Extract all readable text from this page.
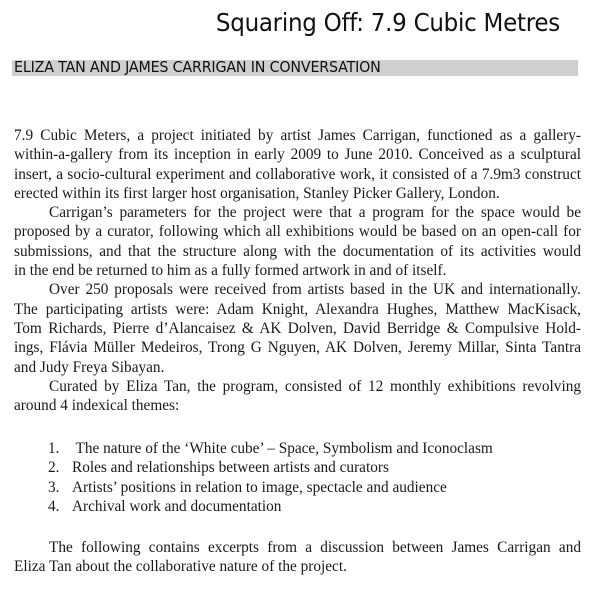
Squaring Off: 7.9 Cubic Metres
ELIZA TAN AND JAMES CARRIGAN IN CONVERSATION

7.9 Cubic Meters, a project initiated by artist James Carrigan, functioned as a gallery-
within-a-gallery from its inception in early 2009 to June 2010. Conceived as a sculptural
insert, a socio-cultural experiment and collaborative work, it consisted of a 7.9m3 construct
erected within its first larger host organisation, Stanley Picker Gallery, London.

Carrigan’s parameters for the project were that a program for the space would be
proposed by a curator, following which all exhibitions would be based on an open-call for
submissions, and that the structure along with the documentation of its activities would
in the end be returned to him as a fully formed artwork in and of itself.

Over 250 proposals were received from artists based in the UK and internationally.
The participating artists were: Adam Knight, Alexandra Hughes, Matthew MacKisack,
Tom Richards, Pierre d’Alancaisez & AK Dolven, David Berridge & Compulsive Hold-
ings, Flávia Müller Medeiros, Trong G Nguyen, AK Dolven, Jeremy Millar, Sinta Tantra
and Judy Freya Sibayan.

Curated by Eliza Tan, the program, consisted of 12 monthly exhibitions revolving
around 4 indexical themes:

1. The nature of the ‘White cube’ – Space, Symbolism and Iconoclasm
2. Roles and relationships between artists and curators
3. Artists’ positions in relation to image, spectacle and audience
4. Archival work and documentation

The following contains excerpts from a discussion between James Carrigan and
Eliza Tan about the collaborative nature of the project.
